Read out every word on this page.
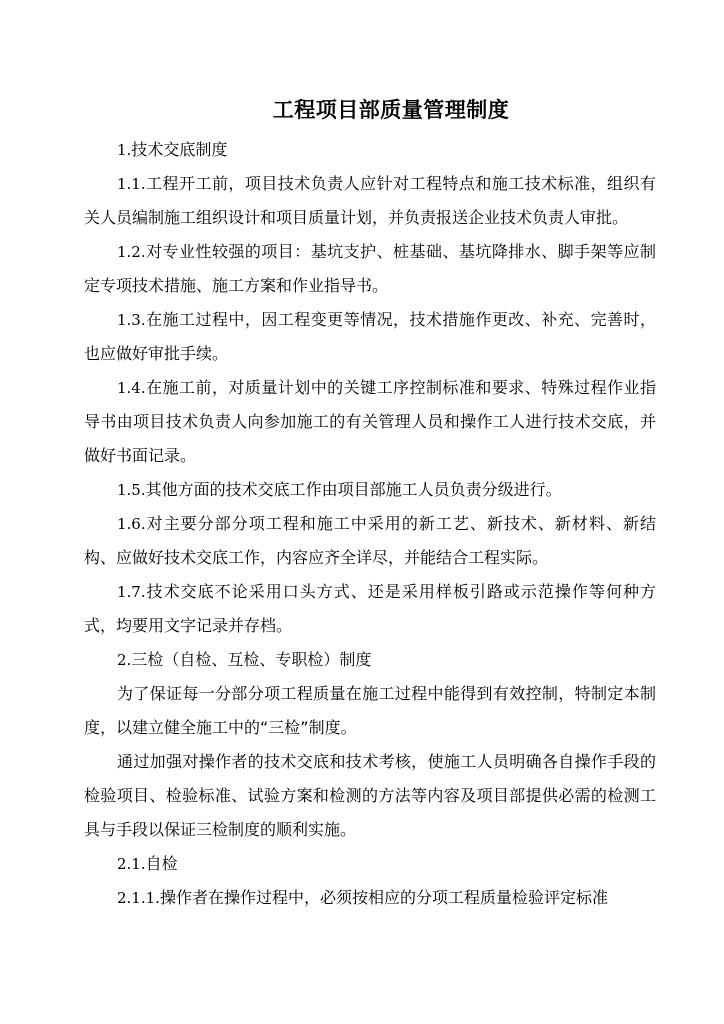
工程项目部质量管理制度

1.技术交底制度

1.1.工程开工前，项目技术负责人应针对工程特点和施工技术标准，组织有关人员编制施工组织设计和项目质量计划，并负责报送企业技术负责人审批。

1.2.对专业性较强的项目：基坑支护、桩基础、基坑降排水、脚手架等应制定专项技术措施、施工方案和作业指导书。

1.3.在施工过程中，因工程变更等情况，技术措施作更改、补充、完善时，也应做好审批手续。

1.4.在施工前，对质量计划中的关键工序控制标准和要求、特殊过程作业指导书由项目技术负责人向参加施工的有关管理人员和操作工人进行技术交底，并做好书面记录。

1.5.其他方面的技术交底工作由项目部施工人员负责分级进行。

1.6.对主要分部分项工程和施工中采用的新工艺、新技术、新材料、新结构、应做好技术交底工作，内容应齐全详尽，并能结合工程实际。

1.7.技术交底不论采用口头方式、还是采用样板引路或示范操作等何种方式，均要用文字记录并存档。

2.三检（自检、互检、专职检）制度

为了保证每一分部分项工程质量在施工过程中能得到有效控制，特制定本制度，以建立健全施工中的“三检”制度。

通过加强对操作者的技术交底和技术考核，使施工人员明确各自操作手段的检验项目、检验标准、试验方案和检测的方法等内容及项目部提供必需的检测工具与手段以保证三检制度的顺利实施。

2.1.自检

2.1.1.操作者在操作过程中，必须按相应的分项工程质量检验评定标准
